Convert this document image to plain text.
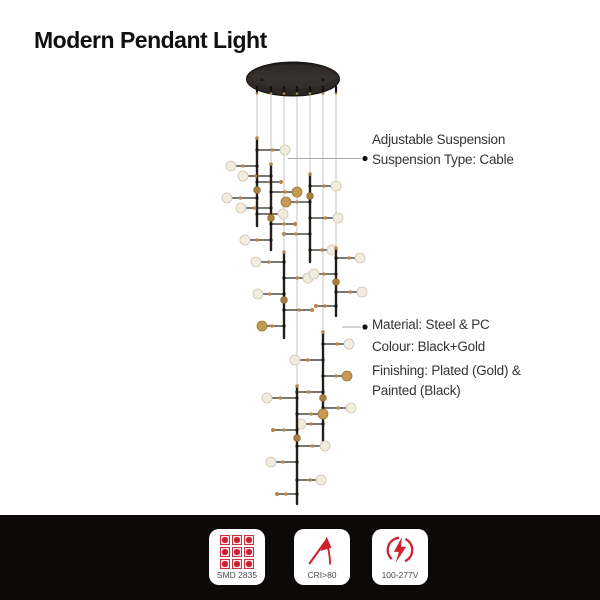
Modern Pendant Light
Adjustable Suspension
Suspension Type: Cable
Material: Steel & PC
Colour: Black+Gold
Finishing: Plated (Gold) &
Painted (Black)
SMD 2835	CRI>80	100-277V
